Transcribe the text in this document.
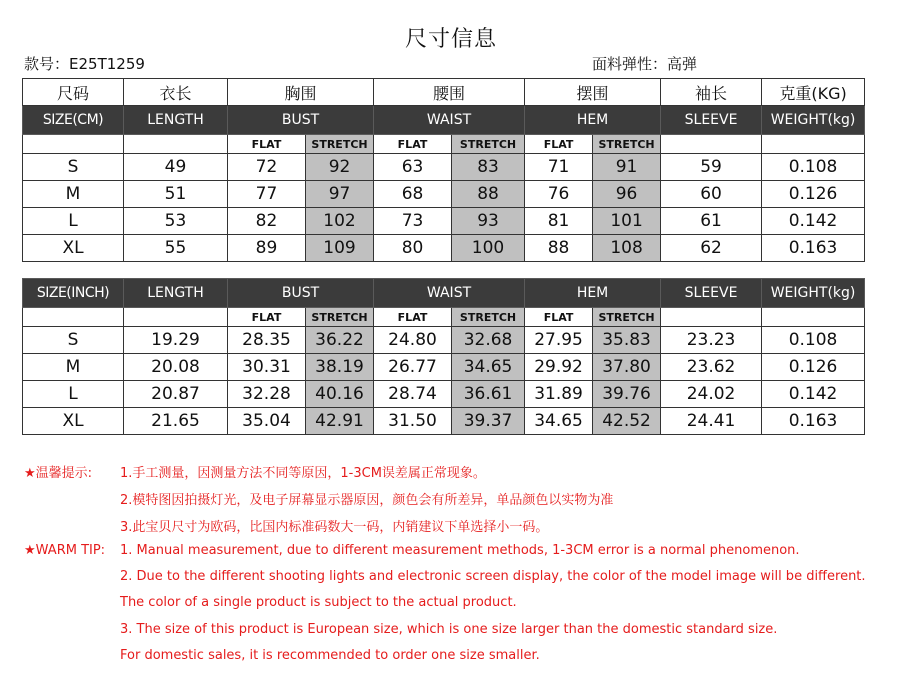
尺寸信息
款号：E25T1259	面料弹性：高弹
尺码	衣长	胸围		腰围		摆围		袖长	克重(KG)
SIZE(CM)	LENGTH	BUST		WAIST		HEM		SLEEVE	WEIGHT(kg)
		FLAT	STRETCH	FLAT	STRETCH	FLAT	STRETCH		
S	49	72	92	63	83	71	91	59	0.108
M	51	77	97	68	88	76	96	60	0.126
L	53	82	102	73	93	81	101	61	0.142
XL	55	89	109	80	100	88	108	62	0.163
SIZE(INCH)	LENGTH	BUST		WAIST		HEM		SLEEVE	WEIGHT(kg)
		FLAT	STRETCH	FLAT	STRETCH	FLAT	STRETCH		
S	19.29	28.35	36.22	24.80	32.68	27.95	35.83	23.23	0.108
M	20.08	30.31	38.19	26.77	34.65	29.92	37.80	23.62	0.126
L	20.87	32.28	40.16	28.74	36.61	31.89	39.76	24.02	0.142
XL	21.65	35.04	42.91	31.50	39.37	34.65	42.52	24.41	0.163
★温馨提示: 1.手工测量，因测量方法不同等原因，1-3CM误差属正常现象。
2.模特图因拍摄灯光，及电子屏幕显示器原因，颜色会有所差异，单品颜色以实物为准
3.此宝贝尺寸为欧码，比国内标准码数大一码，内销建议下单选择小一码。
★WARM TIP: 1. Manual measurement, due to different measurement methods, 1-3CM error is a normal phenomenon.
2. Due to the different shooting lights and electronic screen display, the color of the model image will be different.
The color of a single product is subject to the actual product.
3. The size of this product is European size, which is one size larger than the domestic standard size.
For domestic sales, it is recommended to order one size smaller.
